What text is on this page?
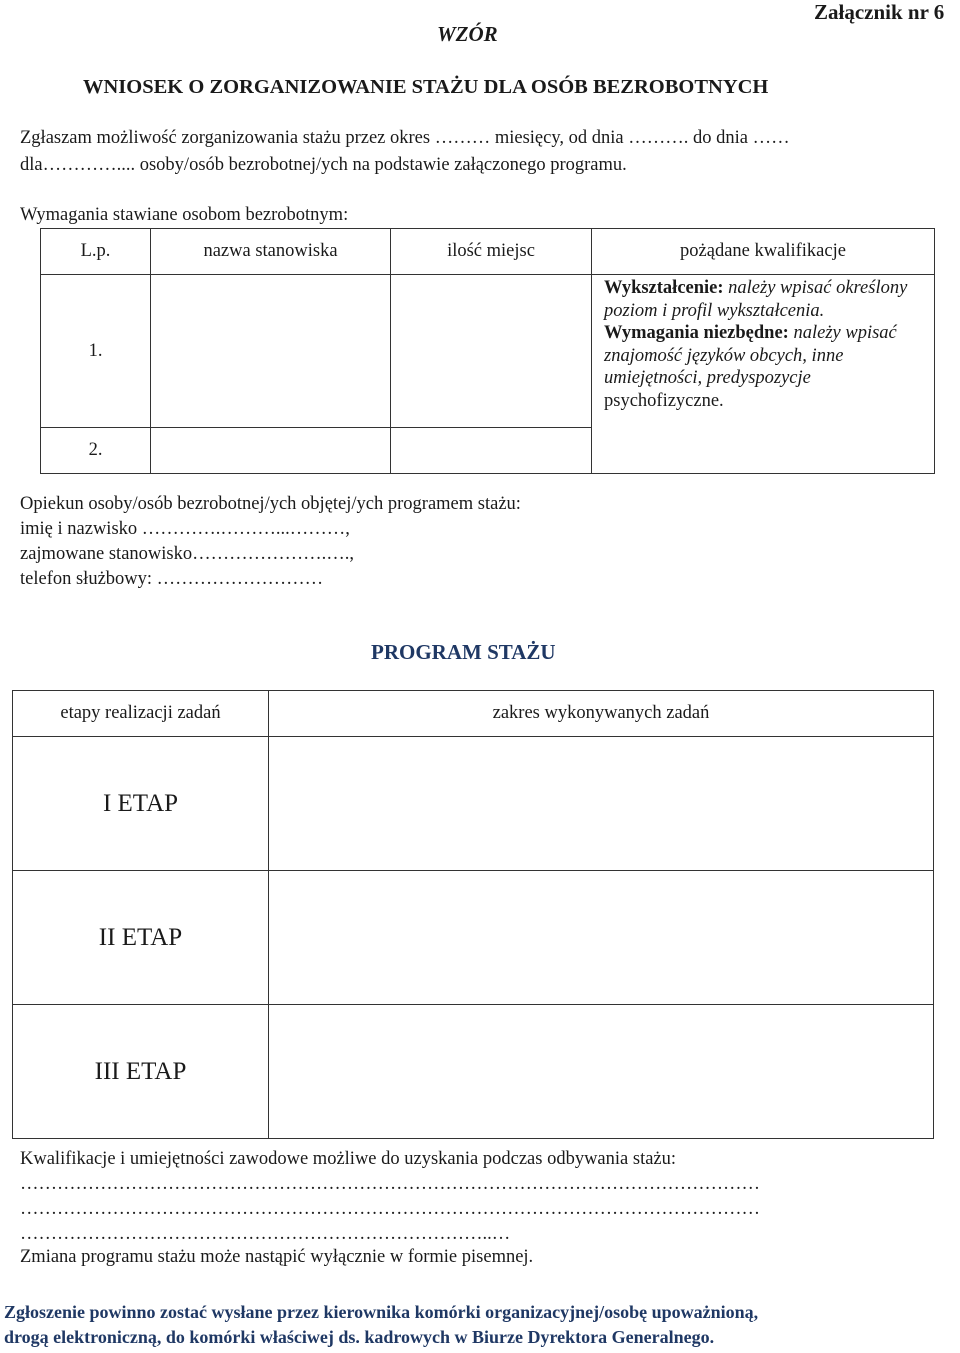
Załącznik nr 6
WZÓR
WNIOSEK O ZORGANIZOWANIE STAŻU DLA OSÓB BEZROBOTNYCH
Zgłaszam możliwość zorganizowania stażu przez okres ……… miesięcy, od dnia ………. do dnia ……
dla………….... osoby/osób bezrobotnej/ych na podstawie załączonego programu.
Wymagania stawiane osobom bezrobotnym:
L.p.	nazwa stanowiska	ilość miejsc	pożądane kwalifikacje
1.			Wykształcenie: należy wpisać określony poziom i profil wykształcenia.
Wymagania niezbędne: należy wpisać znajomość języków obcych, inne umiejętności, predyspozycje
psychofizyczne.
2.			
Opiekun osoby/osób bezrobotnej/ych objętej/ych programem stażu:
imię i nazwisko ………….………...………,
zajmowane stanowisko………………….….,
telefon służbowy: ………………………
PROGRAM STAŻU
etapy realizacji zadań	zakres wykonywanych zadań
I ETAP	
II ETAP	
III ETAP	
Kwalifikacje i umiejętności zawodowe możliwe do uzyskania podczas odbywania stażu:
…………………………………………………………………………………………………………
…………………………………………………………………………………………………………
…………………………………………………………………..…
Zmiana programu stażu może nastąpić wyłącznie w formie pisemnej.
Zgłoszenie powinno zostać wysłane przez kierownika komórki organizacyjnej/osobę upoważnioną,
drogą elektroniczną, do komórki właściwej ds. kadrowych w Biurze Dyrektora Generalnego.
